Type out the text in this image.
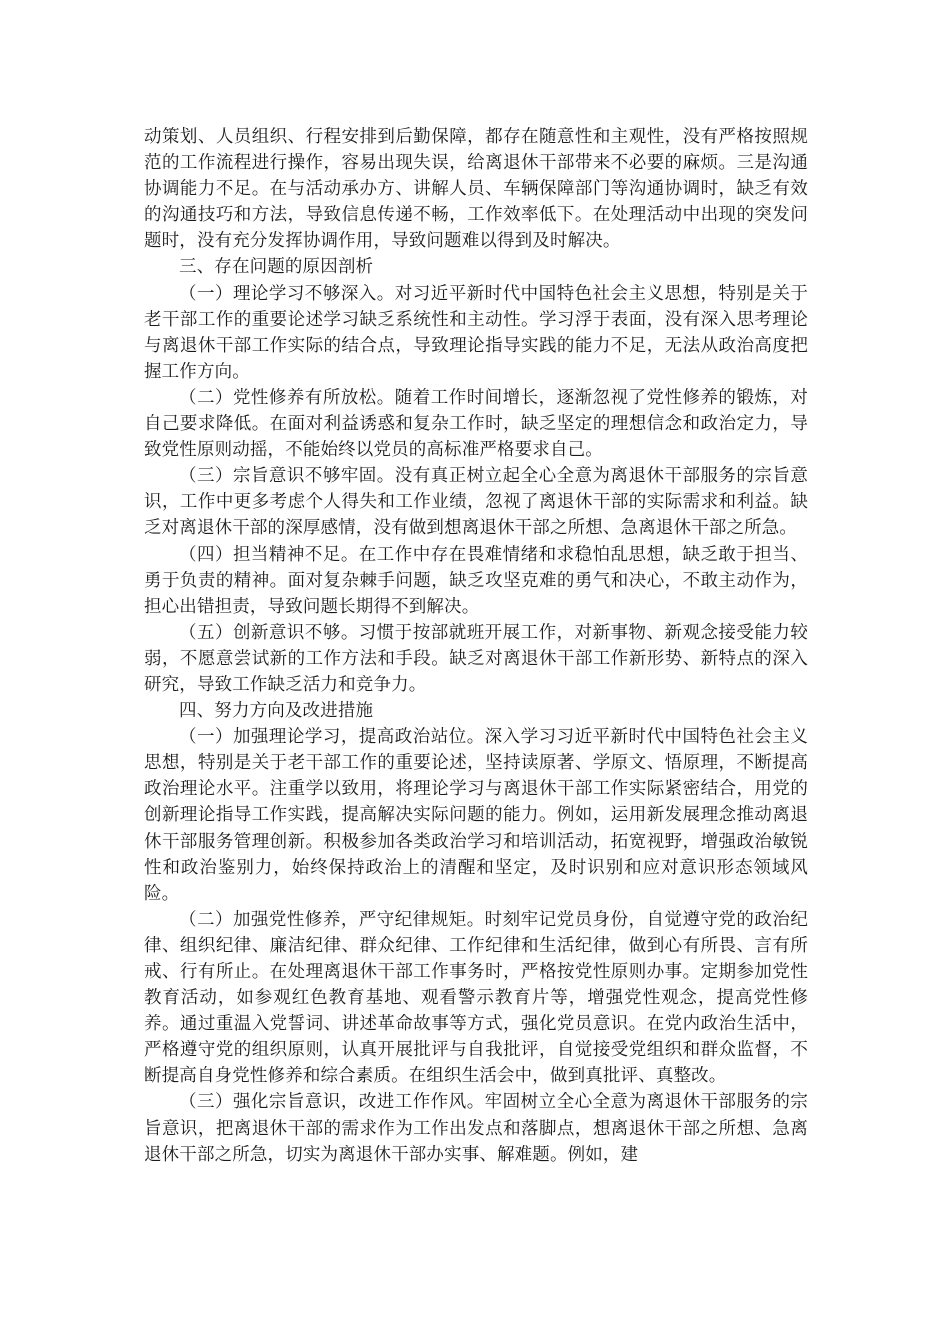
动策划、人员组织、行程安排到后勤保障，都存在随意性和主观性，没有严格按照规范的工作流程进行操作，容易出现失误，给离退休干部带来不必要的麻烦。三是沟通协调能力不足。在与活动承办方、讲解人员、车辆保障部门等沟通协调时，缺乏有效的沟通技巧和方法，导致信息传递不畅，工作效率低下。在处理活动中出现的突发问题时，没有充分发挥协调作用，导致问题难以得到及时解决。

三、存在问题的原因剖析

（一）理论学习不够深入。对习近平新时代中国特色社会主义思想，特别是关于老干部工作的重要论述学习缺乏系统性和主动性。学习浮于表面，没有深入思考理论与离退休干部工作实际的结合点，导致理论指导实践的能力不足，无法从政治高度把握工作方向。

（二）党性修养有所放松。随着工作时间增长，逐渐忽视了党性修养的锻炼，对自己要求降低。在面对利益诱惑和复杂工作时，缺乏坚定的理想信念和政治定力，导致党性原则动摇，不能始终以党员的高标准严格要求自己。

（三）宗旨意识不够牢固。没有真正树立起全心全意为离退休干部服务的宗旨意识，工作中更多考虑个人得失和工作业绩，忽视了离退休干部的实际需求和利益。缺乏对离退休干部的深厚感情，没有做到想离退休干部之所想、急离退休干部之所急。

（四）担当精神不足。在工作中存在畏难情绪和求稳怕乱思想，缺乏敢于担当、勇于负责的精神。面对复杂棘手问题，缺乏攻坚克难的勇气和决心，不敢主动作为，担心出错担责，导致问题长期得不到解决。

（五）创新意识不够。习惯于按部就班开展工作，对新事物、新观念接受能力较弱，不愿意尝试新的工作方法和手段。缺乏对离退休干部工作新形势、新特点的深入研究，导致工作缺乏活力和竞争力。

四、努力方向及改进措施

（一）加强理论学习，提高政治站位。深入学习习近平新时代中国特色社会主义思想，特别是关于老干部工作的重要论述，坚持读原著、学原文、悟原理，不断提高政治理论水平。注重学以致用，将理论学习与离退休干部工作实际紧密结合，用党的创新理论指导工作实践，提高解决实际问题的能力。例如，运用新发展理念推动离退休干部服务管理创新。积极参加各类政治学习和培训活动，拓宽视野，增强政治敏锐性和政治鉴别力，始终保持政治上的清醒和坚定，及时识别和应对意识形态领域风险。

（二）加强党性修养，严守纪律规矩。时刻牢记党员身份，自觉遵守党的政治纪律、组织纪律、廉洁纪律、群众纪律、工作纪律和生活纪律，做到心有所畏、言有所戒、行有所止。在处理离退休干部工作事务时，严格按党性原则办事。定期参加党性教育活动，如参观红色教育基地、观看警示教育片等，增强党性观念，提高党性修养。通过重温入党誓词、讲述革命故事等方式，强化党员意识。在党内政治生活中，严格遵守党的组织原则，认真开展批评与自我批评，自觉接受党组织和群众监督，不断提高自身党性修养和综合素质。在组织生活会中，做到真批评、真整改。

（三）强化宗旨意识，改进工作作风。牢固树立全心全意为离退休干部服务的宗旨意识，把离退休干部的需求作为工作出发点和落脚点，想离退休干部之所想、急离退休干部之所急，切实为离退休干部办实事、解难题。例如，建
